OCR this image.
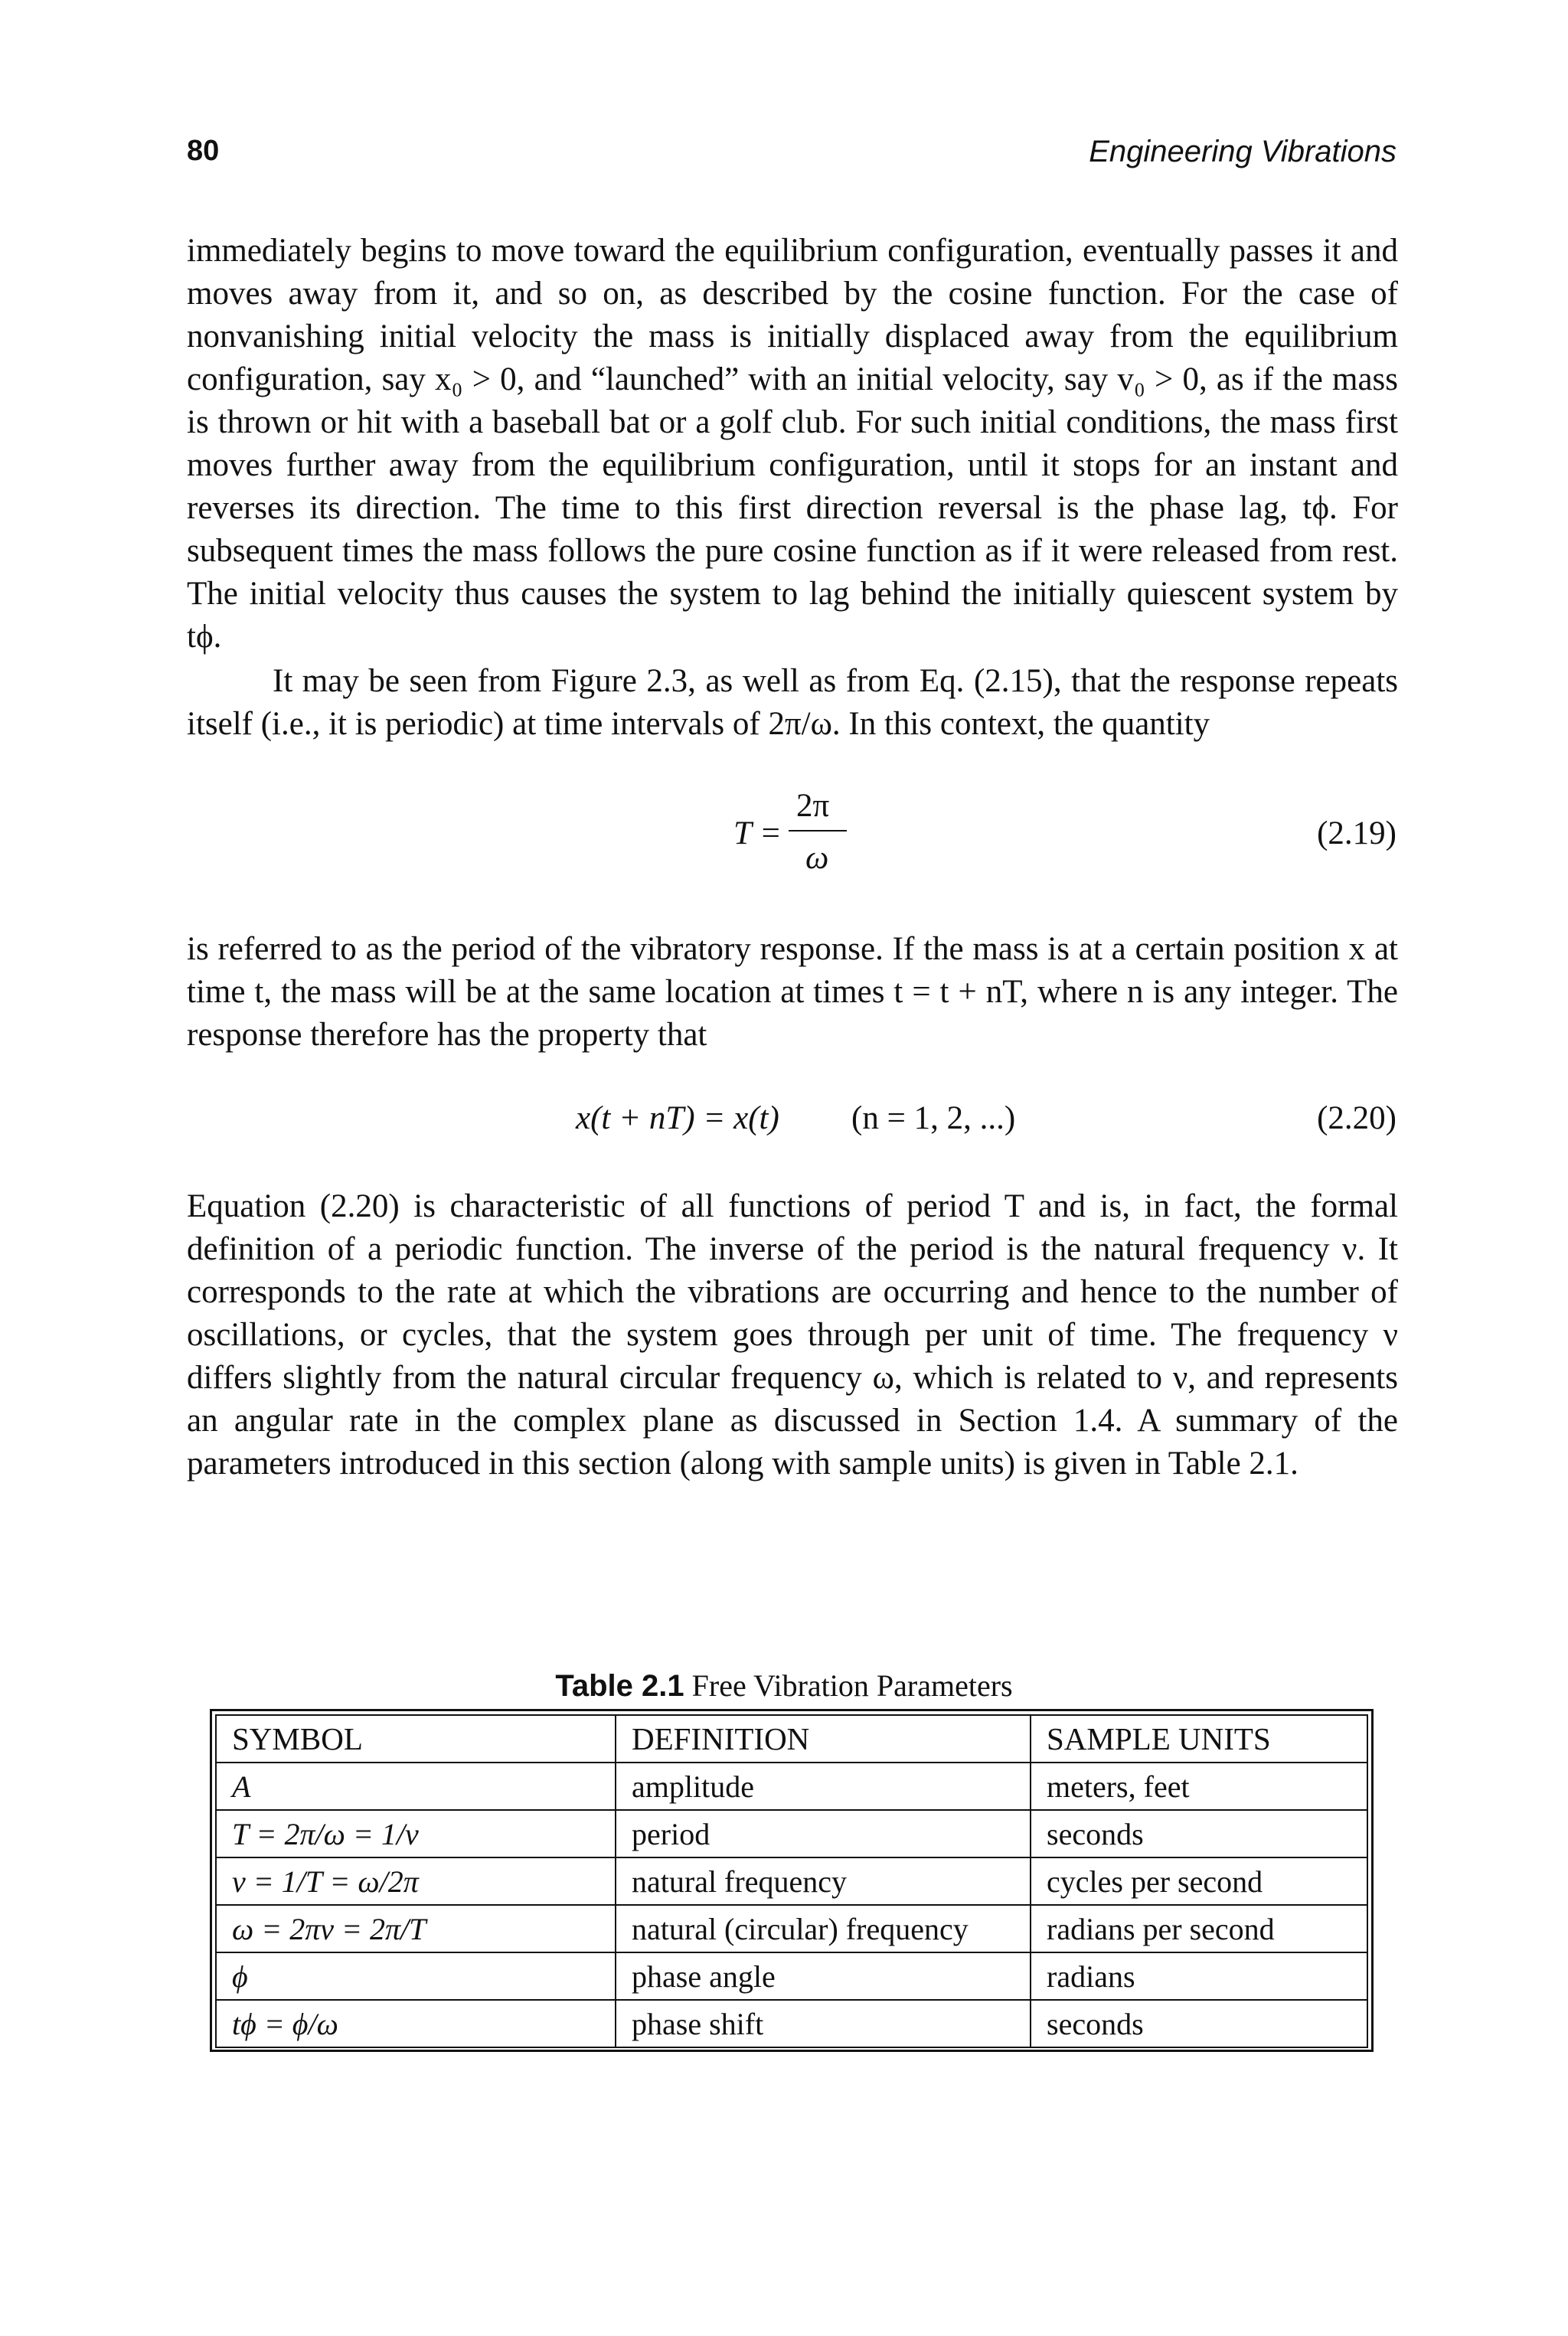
80	Engineering Vibrations
immediately begins to move toward the equilibrium configuration, eventually passes it and moves away from it, and so on, as described by the cosine function. For the case of nonvanishing initial velocity the mass is initially displaced away from the equilibrium configuration, say x₀ > 0, and “launched” with an initial velocity, say v₀ > 0, as if the mass is thrown or hit with a baseball bat or a golf club. For such initial conditions, the mass first moves further away from the equilibrium configuration, until it stops for an instant and reverses its direction. The time to this first direction reversal is the phase lag, tϕ. For subsequent times the mass follows the pure cosine function as if it were released from rest. The initial velocity thus causes the system to lag behind the initially quiescent system by tϕ.
It may be seen from Figure 2.3, as well as from Eq. (2.15), that the response repeats itself (i.e., it is periodic) at time intervals of 2π/ω. In this context, the quantity
T =
2π
ω
(2.19)
is referred to as the period of the vibratory response. If the mass is at a certain position x at time t, the mass will be at the same location at times t = t + nT, where n is any integer. The response therefore has the property that
x(t + nT) = x(t) (n = 1, 2, ...)	(2.20)
Equation (2.20) is characteristic of all functions of period T and is, in fact, the formal definition of a periodic function. The inverse of the period is the natural frequency ν. It corresponds to the rate at which the vibrations are occurring and hence to the number of oscillations, or cycles, that the system goes through per unit of time. The frequency ν differs slightly from the natural circular frequency ω, which is related to ν, and represents an angular rate in the complex plane as discussed in Section 1.4. A summary of the parameters introduced in this section (along with sample units) is given in Table 2.1.
Table 2.1 Free Vibration Parameters
SYMBOL	DEFINITION	SAMPLE UNITS
A	amplitude	meters, feet
T = 2π/ω = 1/ν	period	seconds
ν = 1/T = ω/2π	natural frequency	cycles per second
ω = 2πν = 2π/T	natural (circular) frequency	radians per second
ϕ	phase angle	radians
tϕ = ϕ/ω	phase shift	seconds
